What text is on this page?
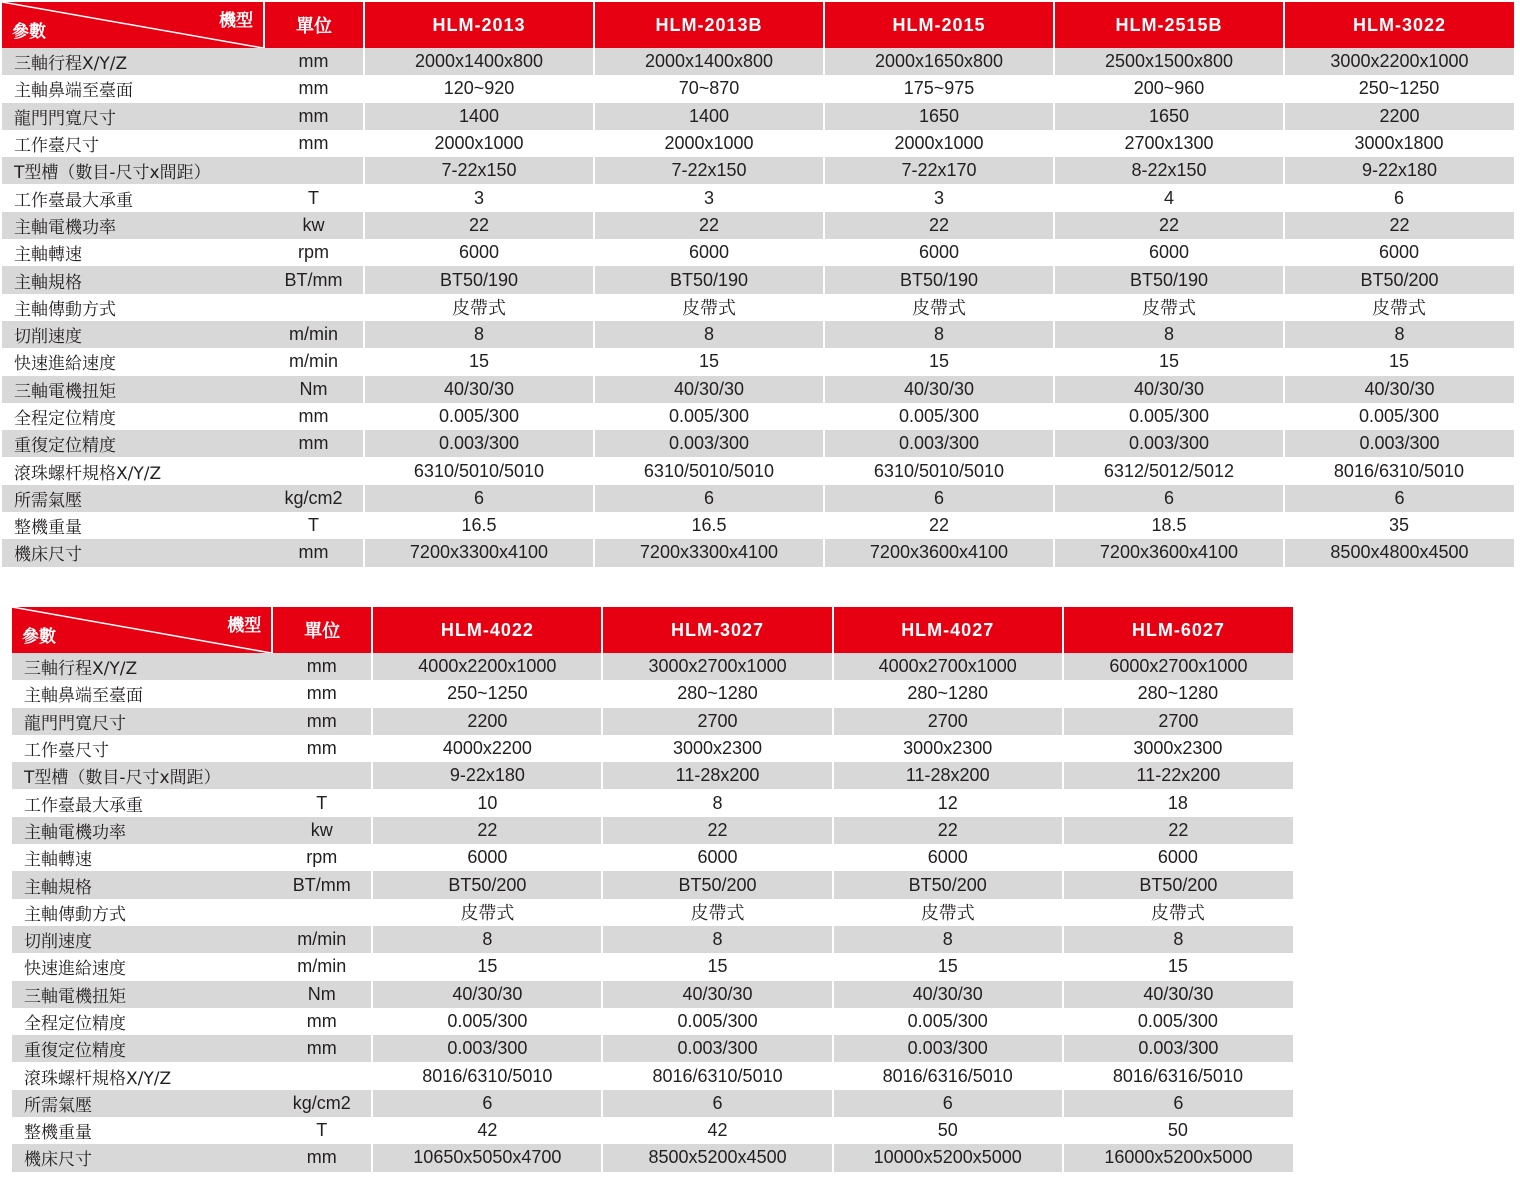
機型
參數	單位	HLM-2013	HLM-2013B	HLM-2015	HLM-2515B	HLM-3022
三軸行程X/Y/Z	mm	2000x1400x800	2000x1400x800	2000x1650x800	2500x1500x800	3000x2200x1000
主軸鼻端至臺面	mm	120~920	70~870	175~975	200~960	250~1250
龍門門寬尺寸	mm	1400	1400	1650	1650	2200
工作臺尺寸	mm	2000x1000	2000x1000	2000x1000	2700x1300	3000x1800
T型槽（數目-尺寸x間距）		7-22x150	7-22x150	7-22x170	8-22x150	9-22x180
工作臺最大承重	T	3	3	3	4	6
主軸電機功率	kw	22	22	22	22	22
主軸轉速	rpm	6000	6000	6000	6000	6000
主軸規格	BT/mm	BT50/190	BT50/190	BT50/190	BT50/190	BT50/200
主軸傳動方式		皮帶式	皮帶式	皮帶式	皮帶式	皮帶式
切削速度	m/min	8	8	8	8	8
快速進給速度	m/min	15	15	15	15	15
三軸電機扭矩	Nm	40/30/30	40/30/30	40/30/30	40/30/30	40/30/30
全程定位精度	mm	0.005/300	0.005/300	0.005/300	0.005/300	0.005/300
重復定位精度	mm	0.003/300	0.003/300	0.003/300	0.003/300	0.003/300
滾珠螺杆規格X/Y/Z		6310/5010/5010	6310/5010/5010	6310/5010/5010	6312/5012/5012	8016/6310/5010
所需氣壓	kg/cm2	6	6	6	6	6
整機重量	T	16.5	16.5	22	18.5	35
機床尺寸	mm	7200x3300x4100	7200x3300x4100	7200x3600x4100	7200x3600x4100	8500x4800x4500
機型
參數	單位	HLM-4022	HLM-3027	HLM-4027	HLM-6027
三軸行程X/Y/Z	mm	4000x2200x1000	3000x2700x1000	4000x2700x1000	6000x2700x1000
主軸鼻端至臺面	mm	250~1250	280~1280	280~1280	280~1280
龍門門寬尺寸	mm	2200	2700	2700	2700
工作臺尺寸	mm	4000x2200	3000x2300	3000x2300	3000x2300
T型槽（數目-尺寸x間距）		9-22x180	11-28x200	11-28x200	11-22x200
工作臺最大承重	T	10	8	12	18
主軸電機功率	kw	22	22	22	22
主軸轉速	rpm	6000	6000	6000	6000
主軸規格	BT/mm	BT50/200	BT50/200	BT50/200	BT50/200
主軸傳動方式		皮帶式	皮帶式	皮帶式	皮帶式
切削速度	m/min	8	8	8	8
快速進給速度	m/min	15	15	15	15
三軸電機扭矩	Nm	40/30/30	40/30/30	40/30/30	40/30/30
全程定位精度	mm	0.005/300	0.005/300	0.005/300	0.005/300
重復定位精度	mm	0.003/300	0.003/300	0.003/300	0.003/300
滾珠螺杆規格X/Y/Z		8016/6310/5010	8016/6310/5010	8016/6316/5010	8016/6316/5010
所需氣壓	kg/cm2	6	6	6	6
整機重量	T	42	42	50	50
機床尺寸	mm	10650x5050x4700	8500x5200x4500	10000x5200x5000	16000x5200x5000
